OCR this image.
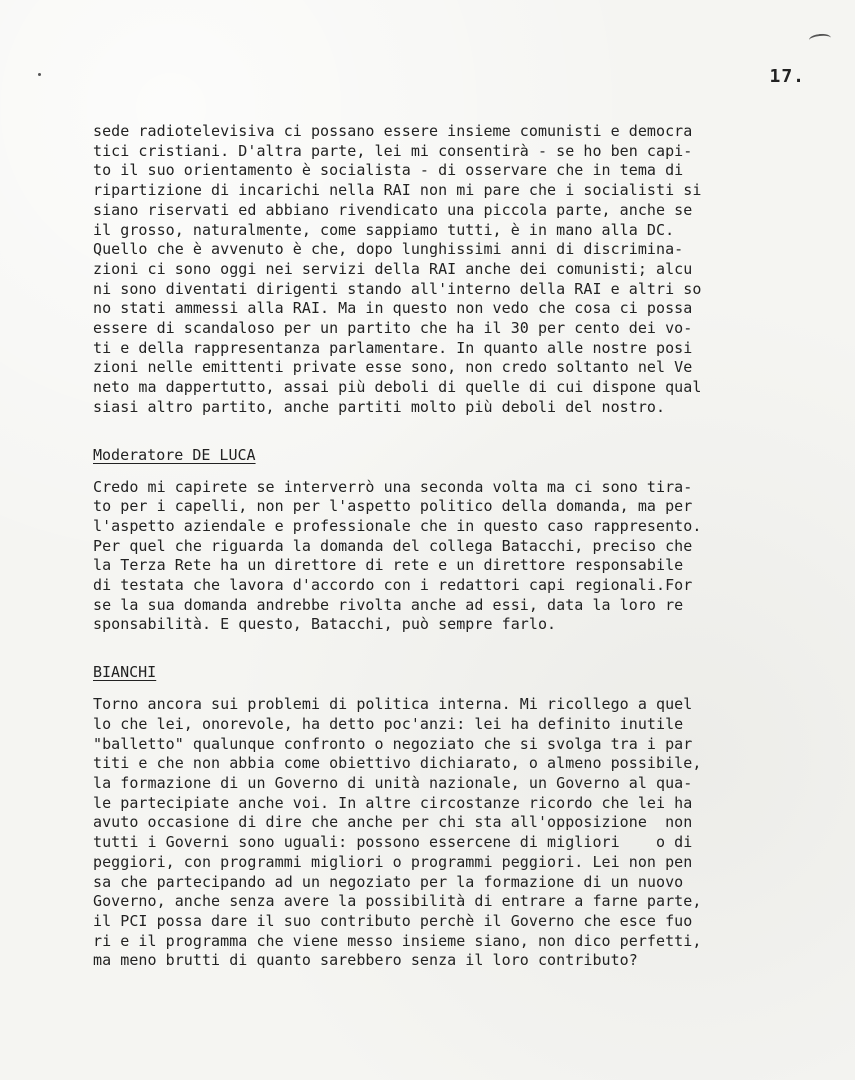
17.
sede radiotelevisiva ci possano essere insieme comunisti e democra
tici cristiani. D'altra parte, lei mi consentirà - se ho ben capi-
to il suo orientamento è socialista - di osservare che in tema di
ripartizione di incarichi nella RAI non mi pare che i socialisti si
siano riservati ed abbiano rivendicato una piccola parte, anche se
il grosso, naturalmente, come sappiamo tutti, è in mano alla DC.
Quello che è avvenuto è che, dopo lunghissimi anni di discrimina-
zioni ci sono oggi nei servizi della RAI anche dei comunisti; alcu
ni sono diventati dirigenti stando all'interno della RAI e altri so
no stati ammessi alla RAI. Ma in questo non vedo che cosa ci possa
essere di scandaloso per un partito che ha il 30 per cento dei vo-
ti e della rappresentanza parlamentare. In quanto alle nostre posi
zioni nelle emittenti private esse sono, non credo soltanto nel Ve
neto ma dappertutto, assai più deboli di quelle di cui dispone qual
siasi altro partito, anche partiti molto più deboli del nostro.
Moderatore DE LUCA
Credo mi capirete se interverrò una seconda volta ma ci sono tira-
to per i capelli, non per l'aspetto politico della domanda, ma per
l'aspetto aziendale e professionale che in questo caso rappresento.
Per quel che riguarda la domanda del collega Batacchi, preciso che
la Terza Rete ha un direttore di rete e un direttore responsabile
di testata che lavora d'accordo con i redattori capi regionali.For
se la sua domanda andrebbe rivolta anche ad essi, data la loro re
sponsabilità. E questo, Batacchi, può sempre farlo.
BIANCHI
Torno ancora sui problemi di politica interna. Mi ricollego a quel
lo che lei, onorevole, ha detto poc'anzi: lei ha definito inutile
"balletto" qualunque confronto o negoziato che si svolga tra i par
titi e che non abbia come obiettivo dichiarato, o almeno possibile,
la formazione di un Governo di unità nazionale, un Governo al qua-
le partecipiate anche voi. In altre circostanze ricordo che lei ha
avuto occasione di dire che anche per chi sta all'opposizione  non
tutti i Governi sono uguali: possono essercene di migliori    o di
peggiori, con programmi migliori o programmi peggiori. Lei non pen
sa che partecipando ad un negoziato per la formazione di un nuovo
Governo, anche senza avere la possibilità di entrare a farne parte,
il PCI possa dare il suo contributo perchè il Governo che esce fuo
ri e il programma che viene messo insieme siano, non dico perfetti,
ma meno brutti di quanto sarebbero senza il loro contributo?
